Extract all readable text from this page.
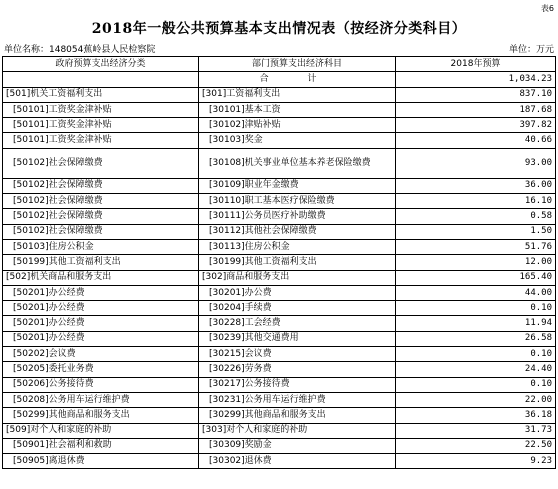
表6
2018年一般公共预算基本支出情况表（按经济分类科目）
单位名称：148054蕉岭县人民检察院	单位：万元
政府预算支出经济分类	部门预算支出经济科目	2018年预算
	合 计	1,034.23
[501]机关工资福利支出	[301]工资福利支出	837.10
[50101]工资奖金津补贴	[30101]基本工资	187.68
[50101]工资奖金津补贴	[30102]津贴补贴	397.82
[50101]工资奖金津补贴	[30103]奖金	40.66
[50102]社会保障缴费	[30108]机关事业单位基本养老保险缴费	93.00
[50102]社会保障缴费	[30109]职业年金缴费	36.00
[50102]社会保障缴费	[30110]职工基本医疗保险缴费	16.10
[50102]社会保障缴费	[30111]公务员医疗补助缴费	0.58
[50102]社会保障缴费	[30112]其他社会保障缴费	1.50
[50103]住房公积金	[30113]住房公积金	51.76
[50199]其他工资福利支出	[30199]其他工资福利支出	12.00
[502]机关商品和服务支出	[302]商品和服务支出	165.40
[50201]办公经费	[30201]办公费	44.00
[50201]办公经费	[30204]手续费	0.10
[50201]办公经费	[30228]工会经费	11.94
[50201]办公经费	[30239]其他交通费用	26.58
[50202]会议费	[30215]会议费	0.10
[50205]委托业务费	[30226]劳务费	24.40
[50206]公务接待费	[30217]公务接待费	0.10
[50208]公务用车运行维护费	[30231]公务用车运行维护费	22.00
[50299]其他商品和服务支出	[30299]其他商品和服务支出	36.18
[509]对个人和家庭的补助	[303]对个人和家庭的补助	31.73
[50901]社会福利和救助	[30309]奖励金	22.50
[50905]离退休费	[30302]退休费	9.23
